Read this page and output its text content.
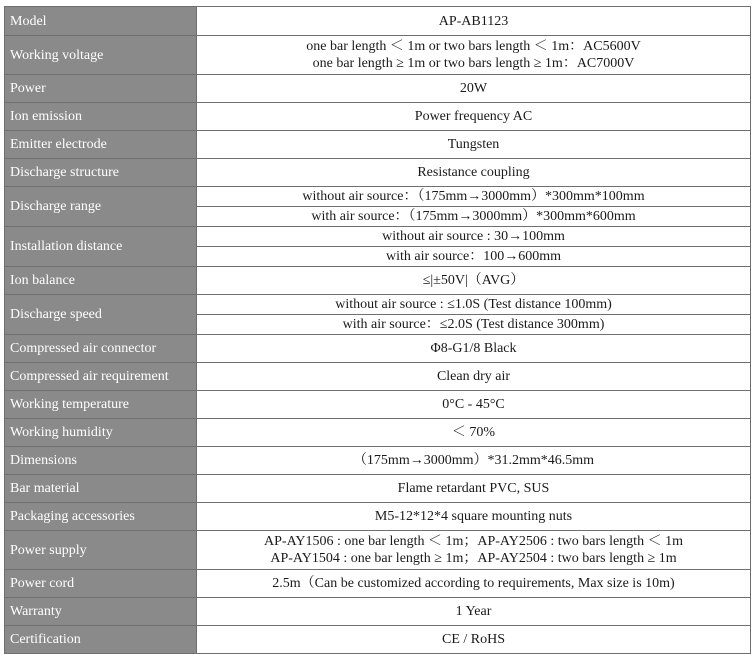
Model	AP-AB1123
Working voltage	one bar length ＜ 1m or two bars length ＜ 1m：AC5600V
one bar length ≥ 1m or two bars length ≥ 1m：AC7000V

Power	20W
Ion emission	Power frequency AC
Emitter electrode	Tungsten
Discharge structure	Resistance coupling
Discharge range	without air source：（175mm→3000mm）*300mm*100mm
with air source：（175mm→3000mm）*300mm*600mm

Installation distance	without air source : 30→100mm
with air source：100→600mm

Ion balance	≤|±50V|（AVG）
Discharge speed	without air source : ≤1.0S (Test distance 100mm)
with air source：≤2.0S (Test distance 300mm)

Compressed air connector	Φ8-G1/8 Black
Compressed air requirement	Clean dry air
Working temperature	0°C - 45°C
Working humidity	＜ 70%
Dimensions	（175mm→3000mm）*31.2mm*46.5mm
Bar material	Flame retardant PVC, SUS
Packaging accessories	M5-12*12*4 square mounting nuts
Power supply	AP-AY1506 : one bar length ＜ 1m；AP-AY2506 : two bars length ＜ 1m
AP-AY1504 : one bar length ≥ 1m；AP-AY2504 : two bars length ≥ 1m

Power cord	2.5m（Can be customized according to requirements, Max size is 10m)
Warranty	1 Year
Certification	CE / RoHS
